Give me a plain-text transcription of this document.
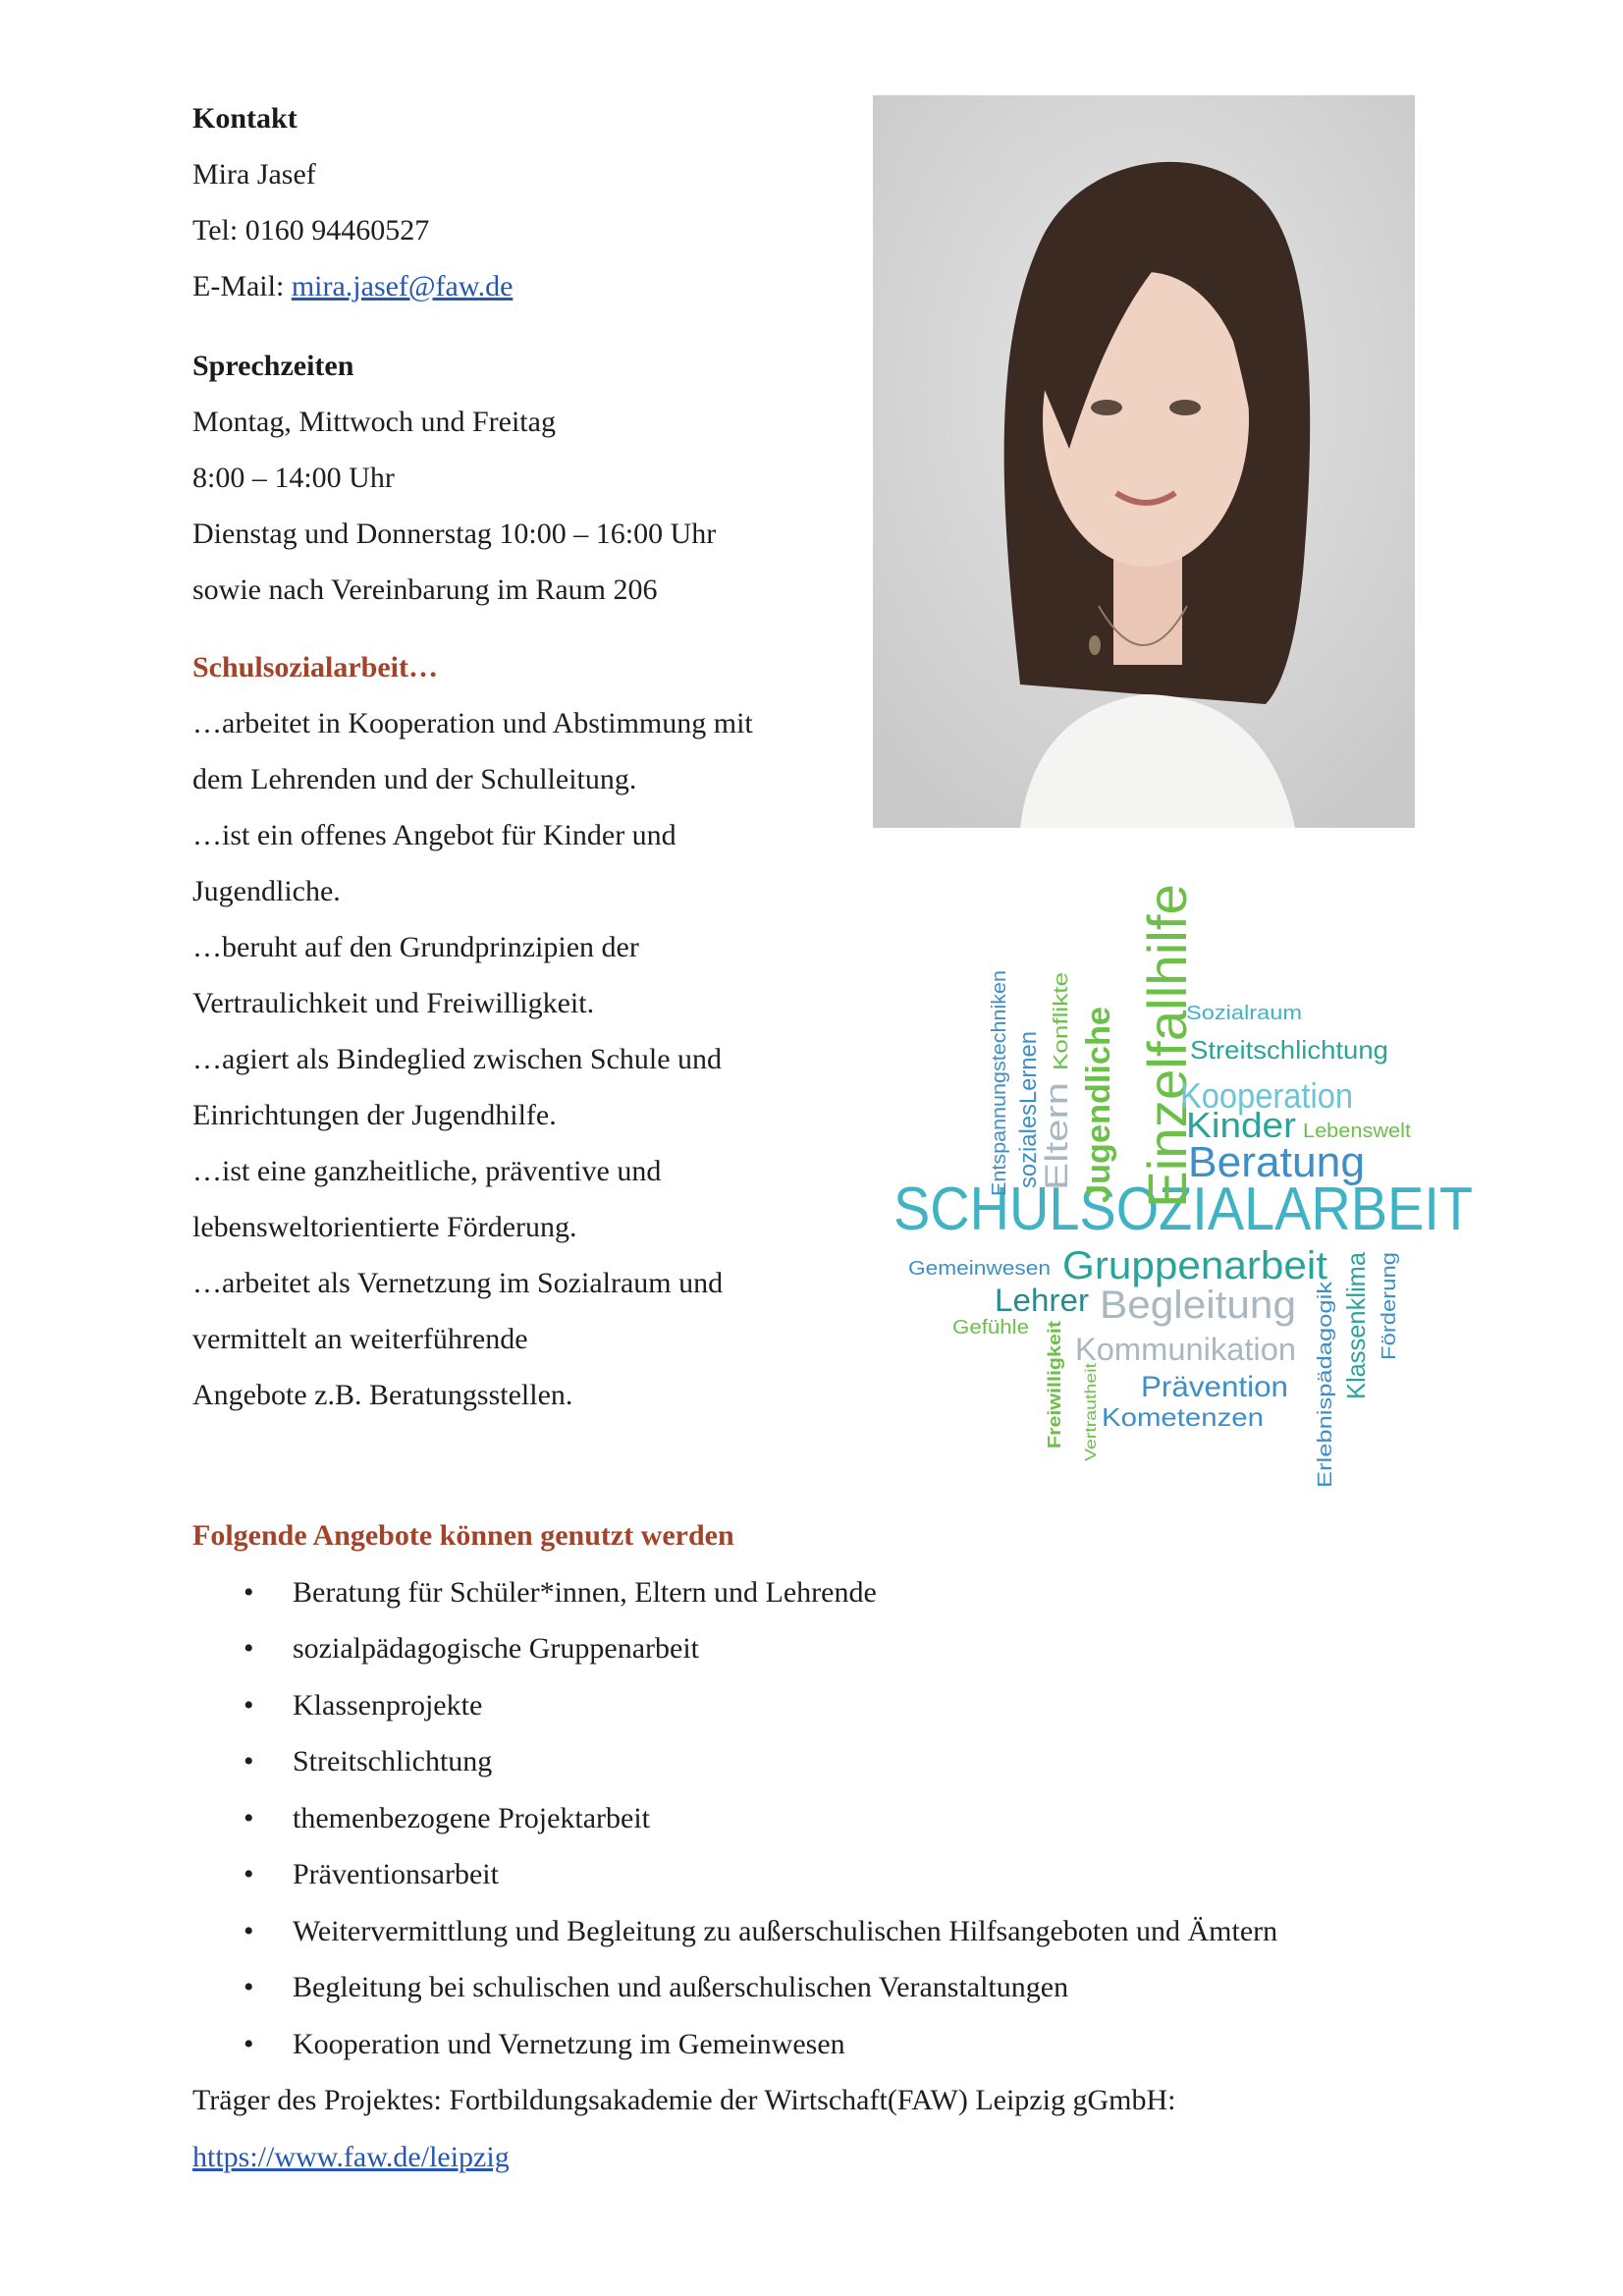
Kontakt

Mira Jasef

Tel: 0160 94460527

E-Mail: mira.jasef@faw.de

Sprechzeiten

Montag, Mittwoch und Freitag

8:00 – 14:00 Uhr

Dienstag und Donnerstag 10:00 – 16:00 Uhr

sowie nach Vereinbarung im Raum 206

Schulsozialarbeit…

…arbeitet in Kooperation und Abstimmung mit

dem Lehrenden und der Schulleitung.

…ist ein offenes Angebot für Kinder und

Jugendliche.

…beruht auf den Grundprinzipien der

Vertraulichkeit und Freiwilligkeit.

…agiert als Bindeglied zwischen Schule und

Einrichtungen der Jugendhilfe.

…ist eine ganzheitliche, präventive und

lebensweltorientierte Förderung.

…arbeitet als Vernetzung im Sozialraum und

vermittelt an weiterführende

Angebote z.B. Beratungsstellen.

SCHULSOZIALARBEIT
Einzelfallhilfe
Jugendliche
Eltern
Konflikte
sozialesLernen
Entspannungstechniken	Sozialraum
Streitschlichtung
Kooperation
Kinder Lebenswelt
Beratung
Gemeinwesen Gruppenarbeit
Lehrer Begleitung
Gefühle
Kommunikation
Prävention
Kometenzen
Freiwilligkeit Vertrautheit	Erlebnispädagogik
Klassenklima Förderung

Folgende Angebote können genutzt werden

• Beratung für Schüler*innen, Eltern und Lehrende
• sozialpädagogische Gruppenarbeit
• Klassenprojekte
• Streitschlichtung
• themenbezogene Projektarbeit
• Präventionsarbeit
• Weitervermittlung und Begleitung zu außerschulischen Hilfsangeboten und Ämtern
• Begleitung bei schulischen und außerschulischen Veranstaltungen
• Kooperation und Vernetzung im Gemeinwesen

Träger des Projektes: Fortbildungsakademie der Wirtschaft(FAW) Leipzig gGmbH:

https://www.faw.de/leipzig
